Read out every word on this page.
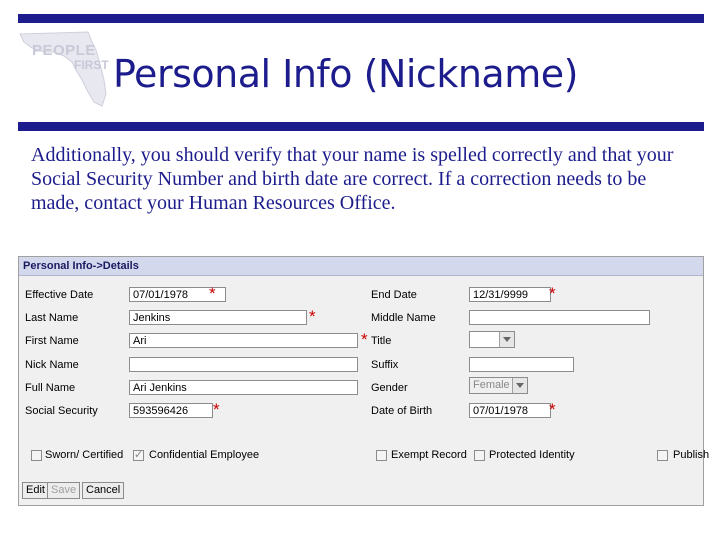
PEOPLE
FIRST Personal Info (Nickname)
Additionally, you should verify that your name is spelled correctly and that your Social Security Number and birth date are correct. If a correction needs to be made, contact your Human Resources Office.
Personal Info->Details
Effective Date	07/01/1978	*
Last Name	Jenkins	*
First Name	Ari	*
Nick Name
Full Name	Ari Jenkins
Social Security	593596426	*
End Date	12/31/9999	*
Middle Name
Title
Suffix
Gender	Female
Date of Birth	07/01/1978	*
Sworn/ Certified
✓ Confidential Employee	Exempt Record Protected Identity	Publish
Edit Save Cancel
